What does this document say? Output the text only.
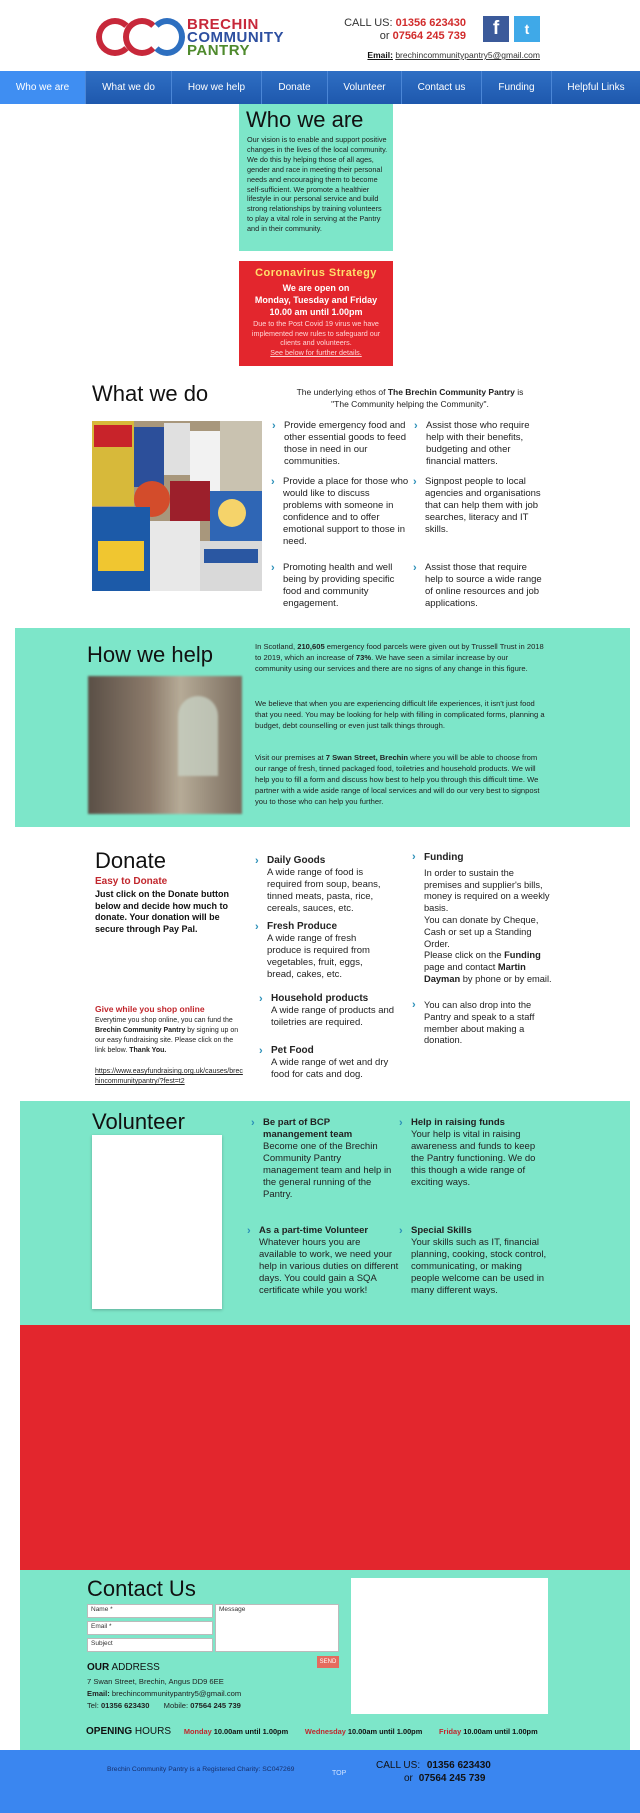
BRECHIN
COMMUNITY
PANTRY
CALL US: 01356 623430
or 07564 245 739
Email: brechincommunitypantry5@gmail.com
f	t
Who we are	What we do	How we help	Donate	Volunteer	Contact us	Funding	Helpful Links
Who we are
Our vision is to enable and support positive changes in the lives of the local community. We do this by helping those of all ages, gender and race in meeting their personal needs and encouraging them to become self-sufficient. We promote a healthier lifestyle in our personal service and build strong relationships by training volunteers to play a vital role in serving at the Pantry and in their community.
Coronavirus Strategy
We are open on
Monday, Tuesday and Friday
10.00 am until 1.00pm
Due to the Post Covid 19 virus we have implemented new rules to safeguard our clients and volunteers.
See below for further details.
What we do	The underlying ethos of The Brechin Community Pantry is
"The Community helping the Community".
› Provide emergency food and other essential goods to feed those in need in our communities.
› Assist those who require help with their benefits, budgeting and other financial matters.
› Provide a place for those who would like to discuss problems with someone in confidence and to offer emotional support to those in need.
› Signpost people to local agencies and organisations that can help them with job searches, literacy and IT skills.
› Promoting health and well being by providing specific food and community engagement.
› Assist those that require help to source a wide range of online resources and job applications.
How we help	In Scotland, 210,605 emergency food parcels were given out by Trussell Trust in 2018 to 2019, which an increase of 73%. We have seen a similar increase by our community using our services and there are no signs of any change in this figure.
We believe that when you are experiencing difficult life experiences, it isn't just food that you need. You may be looking for help with filling in complicated forms, planning a budget, debt counselling or even just talk things through.
Visit our premises at 7 Swan Street, Brechin where you will be able to choose from our range of fresh, tinned packaged food, toiletries and household products. We will help you to fill a form and discuss how best to help you through this difficult time. We partner with a wide aside range of local services and will do our very best to signpost you to those who can help you further.
Donate
Easy to Donate
Just click on the Donate button below and decide how much to donate. Your donation will be secure through Pay Pal.
Give while you shop online
Everytime you shop online, you can fund the Brechin Community Pantry by signing up on our easy fundraising site. Please click on the link below. Thank You.
https://www.easyfundraising.org.uk/causes/brechincommunitypantry/?fest=t2
› Daily Goods
A wide range of food is required from soup, beans, tinned meats, pasta, rice, cereals, sauces, etc.
› Fresh Produce
A wide range of fresh produce is required from vegetables, fruit, eggs, bread, cakes, etc.
› Household products
A wide range of products and toiletries are required.
› Pet Food
A wide range of wet and dry food for cats and dog.
› Funding

In order to sustain the premises and supplier's bills, money is required on a weekly basis.
You can donate by Cheque, Cash or set up a Standing Order.
Please click on the Funding page and contact Martin Dayman by phone or by email.
› You can also drop into the Pantry and speak to a staff member about making a donation.
Volunteer	› Be part of BCP manangement team
Become one of the Brechin Community Pantry management team and help in the general running of the Pantry.
› Help in raising funds
Your help is vital in raising awareness and funds to keep the Pantry functioning. We do this though a wide range of exciting ways.
› As a part-time Volunteer
Whatever hours you are available to work, we need your help in various duties on different days. You could gain a SQA certificate while you work!
› Special Skills
Your skills such as IT, financial planning, cooking, stock control, communicating, or making people welcome can be used in many different ways.
Contact Us
Name *
Email *
Subject
Message
SEND
OUR ADDRESS
7 Swan Street, Brechin, Angus DD9 6EE
Email: brechincommunitypantry5@gmail.com
Tel: 01356 623430 Mobile: 07564 245 739
OPENING HOURS Monday 10.00am until 1.00pm Wednesday 10.00am until 1.00pm Friday 10.00am until 1.00pm
Brechin Community Pantry is a Registered Charity: SC047269
TOP
CALL US: 01356 623430
or 07564 245 739
